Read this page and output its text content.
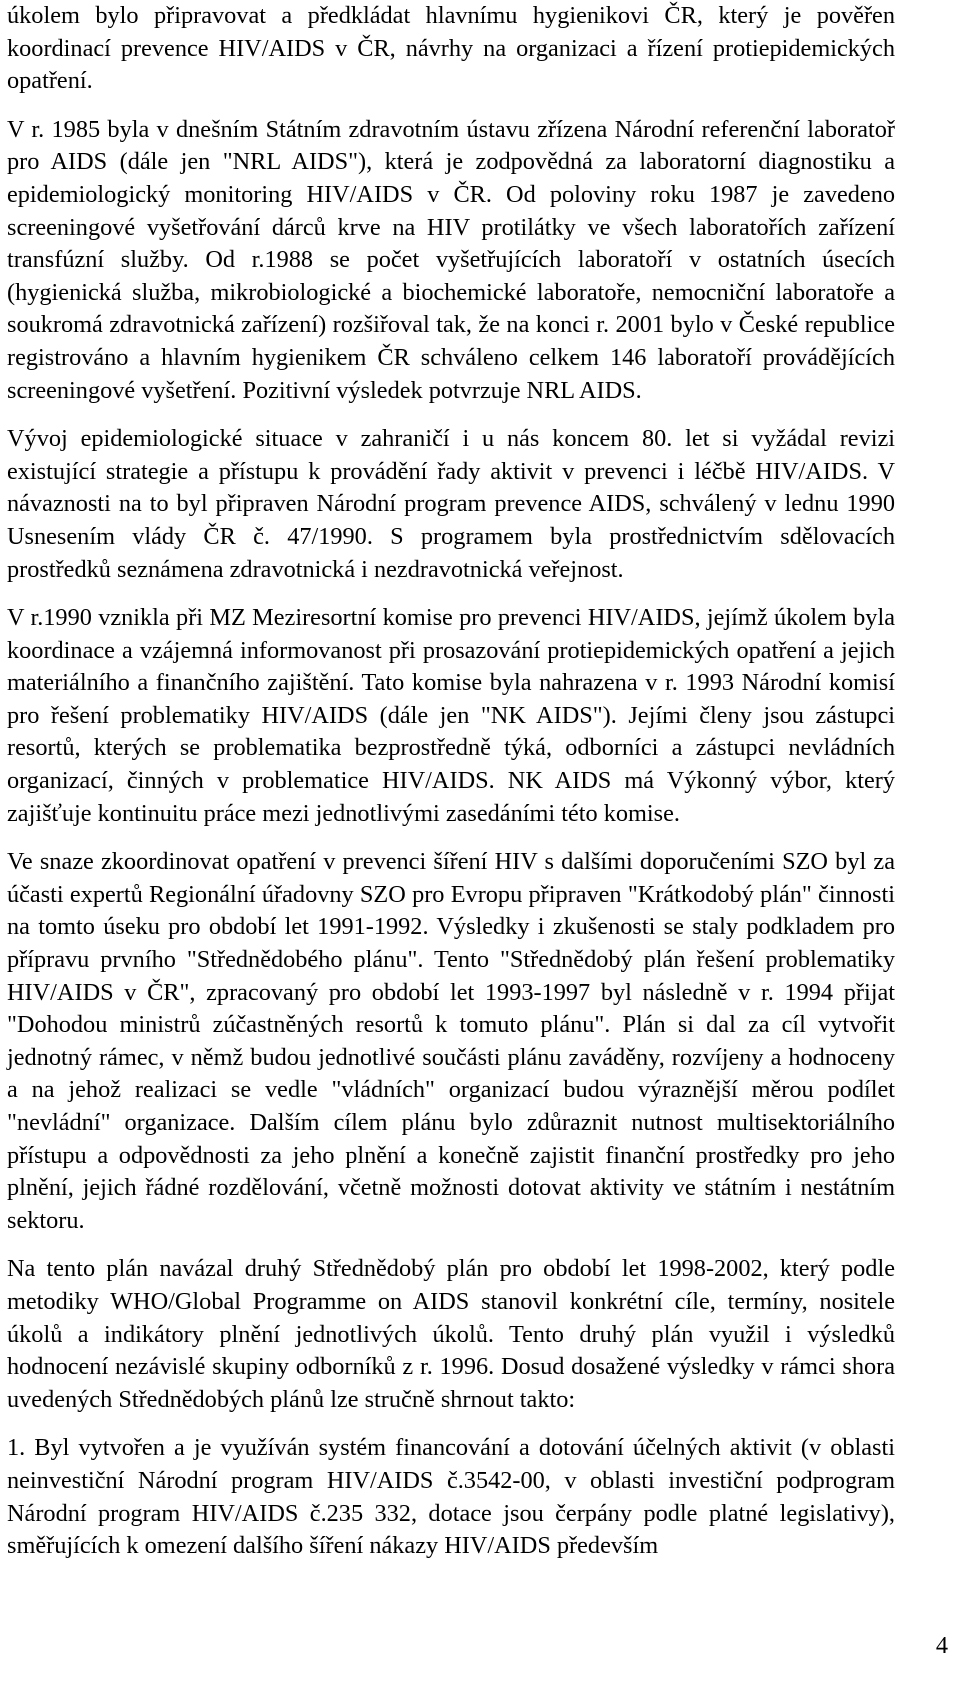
úkolem bylo připravovat a předkládat hlavnímu hygienikovi ČR, který je pověřen koordinací prevence HIV/AIDS v ČR, návrhy na organizaci a řízení protiepidemických opatření.

V r. 1985 byla v dnešním Státním zdravotním ústavu zřízena Národní referenční laboratoř pro AIDS (dále jen "NRL AIDS"), která je zodpovědná za laboratorní diagnostiku a epidemiologický monitoring HIV/AIDS v ČR. Od poloviny roku 1987 je zavedeno screeningové vyšetřování dárců krve na HIV protilátky ve všech laboratořích zařízení transfúzní služby. Od r.1988 se počet vyšetřujících laboratoří v ostatních úsecích (hygienická služba, mikrobiologické a biochemické laboratoře, nemocniční laboratoře a soukromá zdravotnická zařízení) rozšiřoval tak, že na konci r. 2001 bylo v České republice registrováno a hlavním hygienikem ČR schváleno celkem 146 laboratoří provádějících screeningové vyšetření. Pozitivní výsledek potvrzuje NRL AIDS.

Vývoj epidemiologické situace v zahraničí i u nás koncem 80. let si vyžádal revizi existující strategie a přístupu k provádění řady aktivit v prevenci i léčbě HIV/AIDS. V návaznosti na to byl připraven Národní program prevence AIDS, schválený v lednu 1990 Usnesením vlády ČR č. 47/1990. S programem byla prostřednictvím sdělovacích prostředků seznámena zdravotnická i nezdravotnická veřejnost.

V r.1990 vznikla při MZ Meziresortní komise pro prevenci HIV/AIDS, jejímž úkolem byla koordinace a vzájemná informovanost při prosazování protiepidemických opatření a jejich materiálního a finančního zajištění. Tato komise byla nahrazena v r. 1993 Národní komisí pro řešení problematiky HIV/AIDS (dále jen "NK AIDS"). Jejími členy jsou zástupci resortů, kterých se problematika bezprostředně týká, odborníci a zástupci nevládních organizací, činných v problematice HIV/AIDS. NK AIDS má Výkonný výbor, který zajišťuje kontinuitu práce mezi jednotlivými zasedáními této komise.

Ve snaze zkoordinovat opatření v prevenci šíření HIV s dalšími doporučeními SZO byl za účasti expertů Regionální úřadovny SZO pro Evropu připraven "Krátkodobý plán" činnosti na tomto úseku pro období let 1991-1992. Výsledky i zkušenosti se staly podkladem pro přípravu prvního "Střednědobého plánu". Tento "Střednědobý plán řešení problematiky HIV/AIDS v ČR", zpracovaný pro období let 1993-1997 byl následně v r. 1994 přijat "Dohodou ministrů zúčastněných resortů k tomuto plánu". Plán si dal za cíl vytvořit jednotný rámec, v němž budou jednotlivé součásti plánu zaváděny, rozvíjeny a hodnoceny a na jehož realizaci se vedle "vládních" organizací budou výraznější měrou podílet "nevládní" organizace. Dalším cílem plánu bylo zdůraznit nutnost multisektoriálního přístupu a odpovědnosti za jeho plnění a konečně zajistit finanční prostředky pro jeho plnění, jejich řádné rozdělování, včetně možnosti dotovat aktivity ve státním i nestátním sektoru.

Na tento plán navázal druhý Střednědobý plán pro období let 1998-2002, který podle metodiky WHO/Global Programme on AIDS stanovil konkrétní cíle, termíny, nositele úkolů a indikátory plnění jednotlivých úkolů. Tento druhý plán využil i výsledků hodnocení nezávislé skupiny odborníků z r. 1996. Dosud dosažené výsledky v rámci shora uvedených Střednědobých plánů lze stručně shrnout takto:

1. Byl vytvořen a je využíván systém financování a dotování účelných aktivit (v oblasti neinvestiční Národní program HIV/AIDS č.3542-00, v oblasti investiční podprogram Národní program HIV/AIDS č.235 332, dotace jsou čerpány podle platné legislativy), směřujících k omezení dalšího šíření nákazy HIV/AIDS především

4
